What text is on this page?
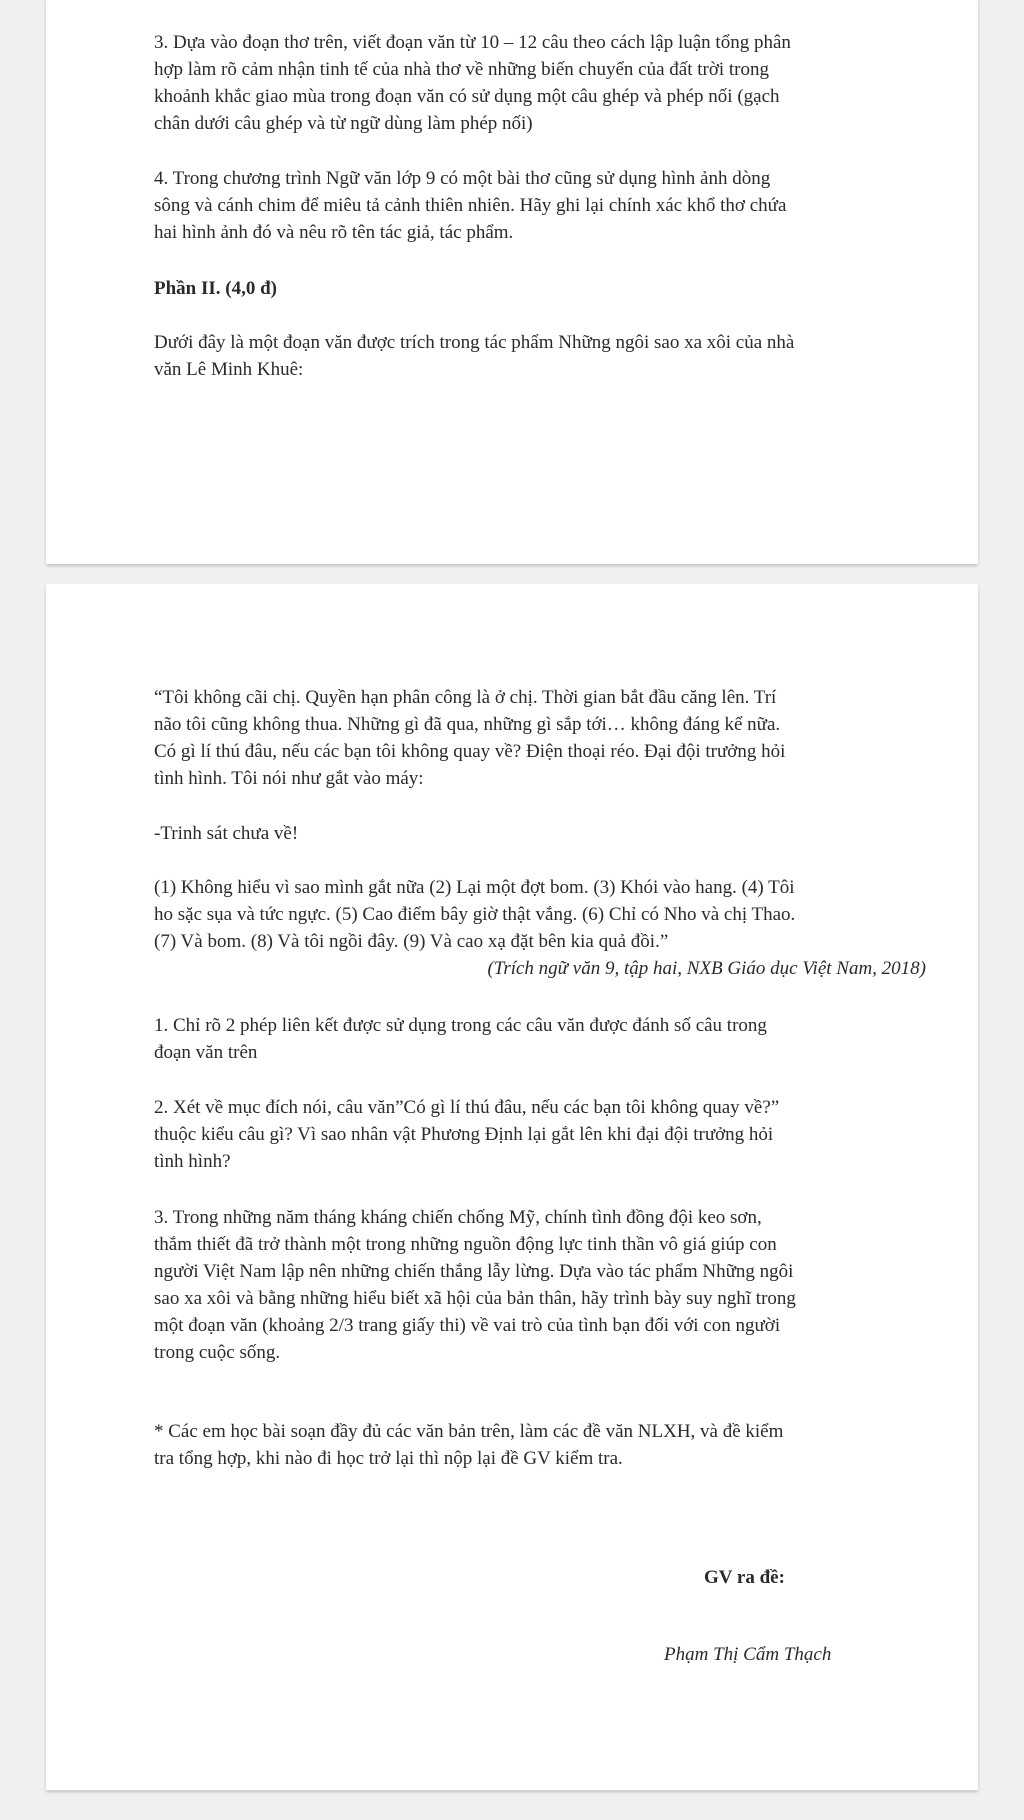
3. Dựa vào đoạn thơ trên, viết đoạn văn từ 10 – 12 câu theo cách lập luận tổng phân
hợp làm rõ cảm nhận tinh tế của nhà thơ về những biến chuyển của đất trời trong
khoảnh khắc giao mùa trong đoạn văn có sử dụng một câu ghép và phép nối (gạch
chân dưới câu ghép và từ ngữ dùng làm phép nối)

4. Trong chương trình Ngữ văn lớp 9 có một bài thơ cũng sử dụng hình ảnh dòng
sông và cánh chim để miêu tả cảnh thiên nhiên. Hãy ghi lại chính xác khổ thơ chứa
hai hình ảnh đó và nêu rõ tên tác giả, tác phẩm.

Phần II. (4,0 đ)

Dưới đây là một đoạn văn được trích trong tác phẩm Những ngôi sao xa xôi của nhà
văn Lê Minh Khuê:

“Tôi không cãi chị. Quyền hạn phân công là ở chị. Thời gian bắt đầu căng lên. Trí
não tôi cũng không thua. Những gì đã qua, những gì sắp tới… không đáng kể nữa.
Có gì lí thú đâu, nếu các bạn tôi không quay về? Điện thoại réo. Đại đội trưởng hỏi
tình hình. Tôi nói như gắt vào máy:

-Trinh sát chưa về!

(1) Không hiểu vì sao mình gắt nữa (2) Lại một đợt bom. (3) Khói vào hang. (4) Tôi
ho sặc sụa và tức ngực. (5) Cao điểm bây giờ thật vắng. (6) Chỉ có Nho và chị Thao.
(7) Và bom. (8) Và tôi ngồi đây. (9) Và cao xạ đặt bên kia quả đồi.”

(Trích ngữ văn 9, tập hai, NXB Giáo dục Việt Nam, 2018)

1. Chỉ rõ 2 phép liên kết được sử dụng trong các câu văn được đánh số câu trong
đoạn văn trên

2. Xét về mục đích nói, câu văn”Có gì lí thú đâu, nếu các bạn tôi không quay về?”
thuộc kiểu câu gì? Vì sao nhân vật Phương Định lại gắt lên khi đại đội trưởng hỏi
tình hình?

3. Trong những năm tháng kháng chiến chống Mỹ, chính tình đồng đội keo sơn,
thắm thiết đã trở thành một trong những nguồn động lực tinh thần vô giá giúp con
người Việt Nam lập nên những chiến thắng lẫy lừng. Dựa vào tác phẩm Những ngôi
sao xa xôi và bằng những hiểu biết xã hội của bản thân, hãy trình bày suy nghĩ trong
một đoạn văn (khoảng 2/3 trang giấy thi) về vai trò của tình bạn đối với con người
trong cuộc sống.

* Các em học bài soạn đầy đủ các văn bản trên, làm các đề văn NLXH, và đề kiểm
tra tổng hợp, khi nào đi học trở lại thì nộp lại đề GV kiểm tra.

GV ra đề:

Phạm Thị Cẩm Thạch
